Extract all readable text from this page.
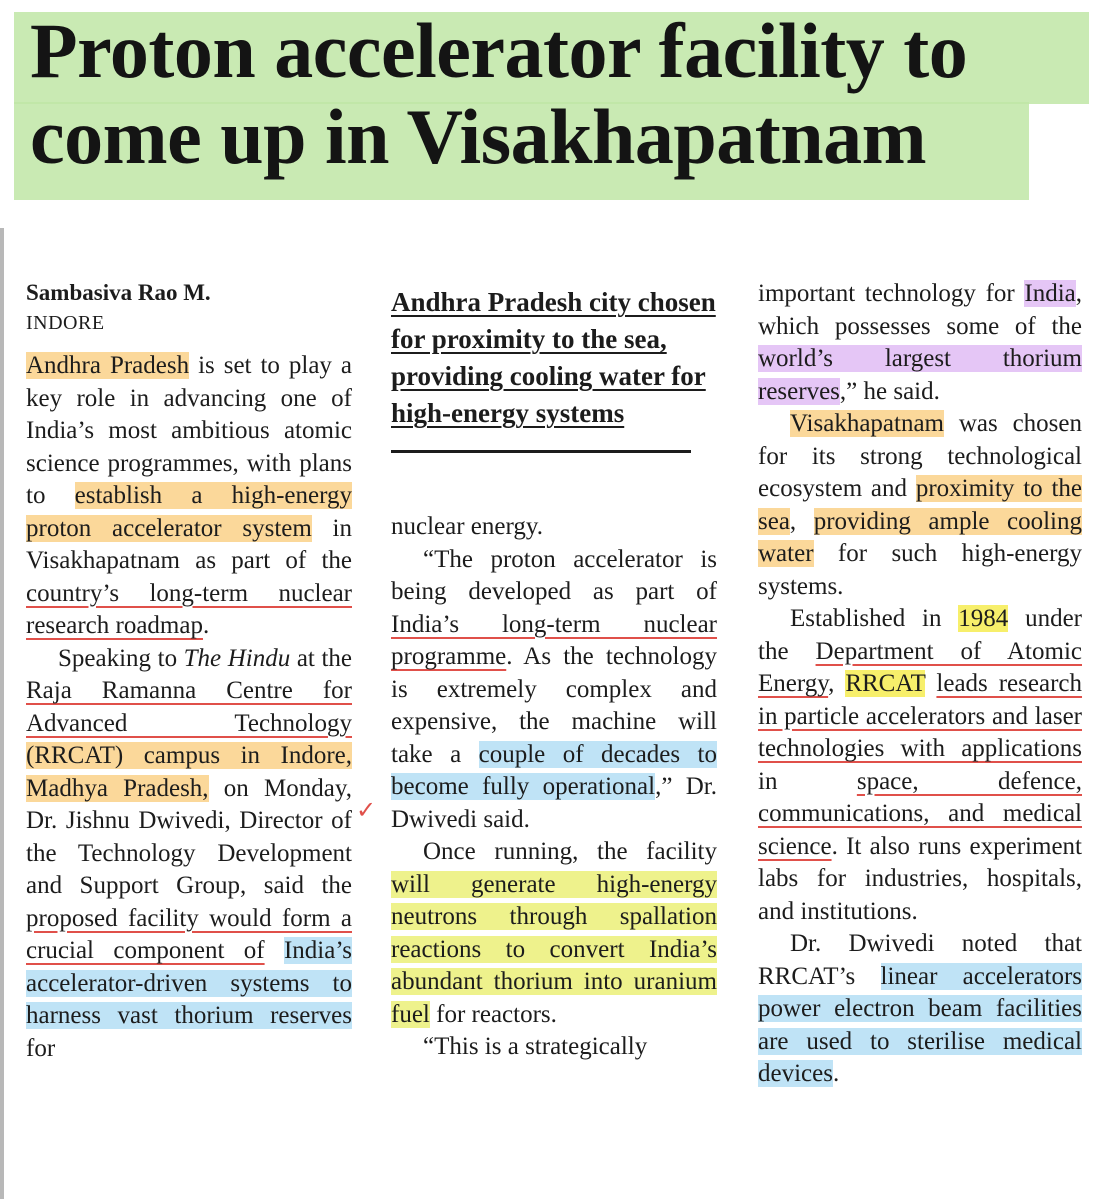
Proton accelerator facility to come up in Visakhapatnam

Sambasiva Rao M.

INDORE

Andhra Pradesh is set to play a key role in advancing one of India’s most ambitious atomic science programmes, with plans to establish a high-energy proton accelerator system in Visakhapatnam as part of the country’s long-term nuclear research roadmap.

Speaking to The Hindu at the Raja Ramanna Centre for Advanced Technology (RRCAT) campus in Indore, Madhya Pradesh, on Monday, Dr. Jishnu Dwivedi, Director of the Technology Development and Support Group, said the proposed facility would form a crucial component of India’s accelerator-driven systems to harness vast thorium reserves for

✓

Andhra Pradesh city chosen for proximity to the sea, providing cooling water for high-energy systems

nuclear energy.

“The proton accelerator is being developed as part of India’s long-term nuclear programme. As the technology is extremely complex and expensive, the machine will take a couple of decades to become fully operational,” Dr. Dwivedi said.

Once running, the facility will generate high-energy neutrons through spallation reactions to convert India’s abundant thorium into uranium fuel for reactors.

“This is a strategically

important technology for India, which possesses some of the world’s largest thorium reserves,” he said.

Visakhapatnam was chosen for its strong technological ecosystem and proximity to the sea, providing ample cooling water for such high-energy systems.

Established in 1984 under the Department of Atomic Energy, RRCAT leads research in particle accelerators and laser technologies with applications in space, defence, communications, and medical science. It also runs experiment labs for industries, hospitals, and institutions.

Dr. Dwivedi noted that RRCAT’s linear accelerators power electron beam facilities are used to sterilise medical devices.
